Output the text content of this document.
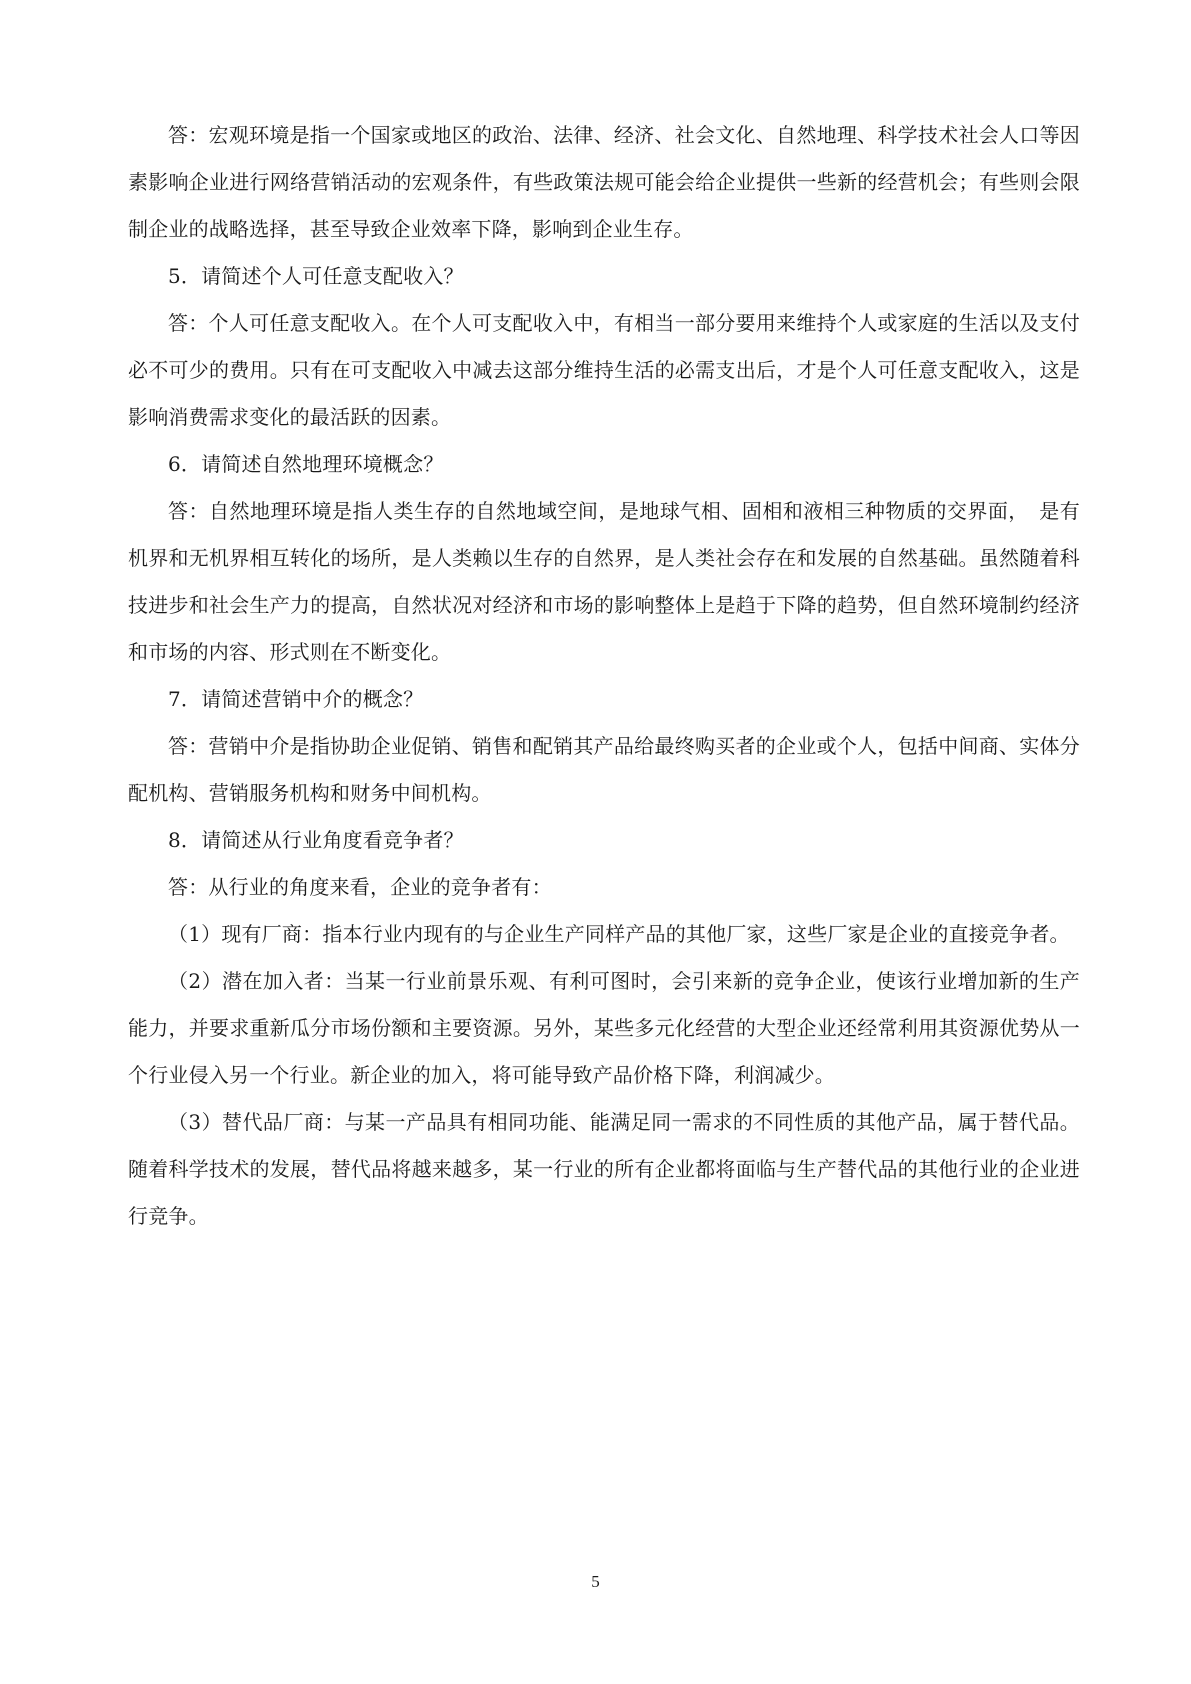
答：宏观环境是指一个国家或地区的政治、法律、经济、社会文化、自然地理、科学技术社会人口等因素影响企业进行网络营销活动的宏观条件，有些政策法规可能会给企业提供一些新的经营机会；有些则会限制企业的战略选择，甚至导致企业效率下降，影响到企业生存。

5．请简述个人可任意支配收入？

答：个人可任意支配收入。在个人可支配收入中，有相当一部分要用来维持个人或家庭的生活以及支付必不可少的费用。只有在可支配收入中减去这部分维持生活的必需支出后，才是个人可任意支配收入，这是影响消费需求变化的最活跃的因素。

6．请简述自然地理环境概念？

答：自然地理环境是指人类生存的自然地域空间，是地球气相、固相和液相三种物质的交界面，　是有机界和无机界相互转化的场所，是人类赖以生存的自然界，是人类社会存在和发展的自然基础。虽然随着科技进步和社会生产力的提高，自然状况对经济和市场的影响整体上是趋于下降的趋势，但自然环境制约经济和市场的内容、形式则在不断变化。

7．请简述营销中介的概念？

答：营销中介是指协助企业促销、销售和配销其产品给最终购买者的企业或个人，包括中间商、实体分配机构、营销服务机构和财务中间机构。

8．请简述从行业角度看竞争者？

答：从行业的角度来看，企业的竞争者有：

（1）现有厂商：指本行业内现有的与企业生产同样产品的其他厂家，这些厂家是企业的直接竞争者。

（2）潜在加入者：当某一行业前景乐观、有利可图时，会引来新的竞争企业，使该行业增加新的生产能力，并要求重新瓜分市场份额和主要资源。另外，某些多元化经营的大型企业还经常利用其资源优势从一个行业侵入另一个行业。新企业的加入，将可能导致产品价格下降，利润减少。

（3）替代品厂商：与某一产品具有相同功能、能满足同一需求的不同性质的其他产品，属于替代品。随着科学技术的发展，替代品将越来越多，某一行业的所有企业都将面临与生产替代品的其他行业的企业进行竞争。

5
